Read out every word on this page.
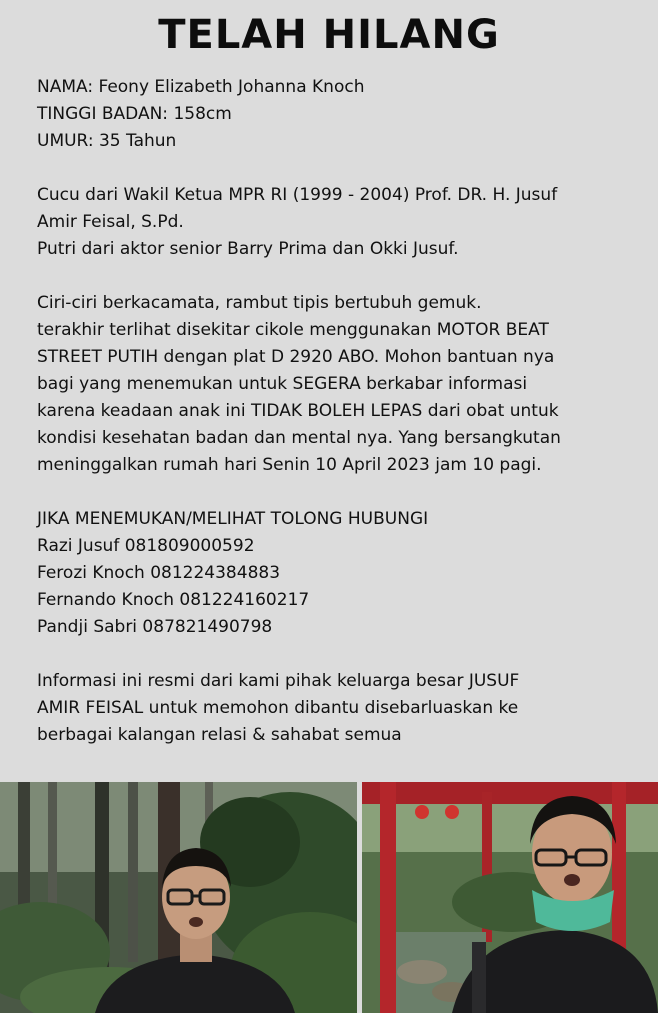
TELAH HILANG
NAMA: Feony Elizabeth Johanna Knoch
TINGGI BADAN: 158cm
UMUR: 35 Tahun
Cucu dari Wakil Ketua MPR RI (1999 - 2004) Prof. DR. H. Jusuf
Amir Feisal, S.Pd.
Putri dari aktor senior Barry Prima dan Okki Jusuf.
Ciri-ciri berkacamata, rambut tipis bertubuh gemuk.
terakhir terlihat disekitar cikole menggunakan MOTOR BEAT
STREET PUTIH dengan plat D 2920 ABO. Mohon bantuan nya
bagi yang menemukan untuk SEGERA berkabar informasi
karena keadaan anak ini TIDAK BOLEH LEPAS dari obat untuk
kondisi kesehatan badan dan mental nya. Yang bersangkutan
meninggalkan rumah hari Senin 10 April 2023 jam 10 pagi.
JIKA MENEMUKAN/MELIHAT TOLONG HUBUNGI
Razi Jusuf 081809000592
Ferozi Knoch 081224384883
Fernando Knoch 081224160217
Pandji Sabri 087821490798
Informasi ini resmi dari kami pihak keluarga besar JUSUF
AMIR FEISAL untuk memohon dibantu disebarluaskan ke
berbagai kalangan relasi & sahabat semua
